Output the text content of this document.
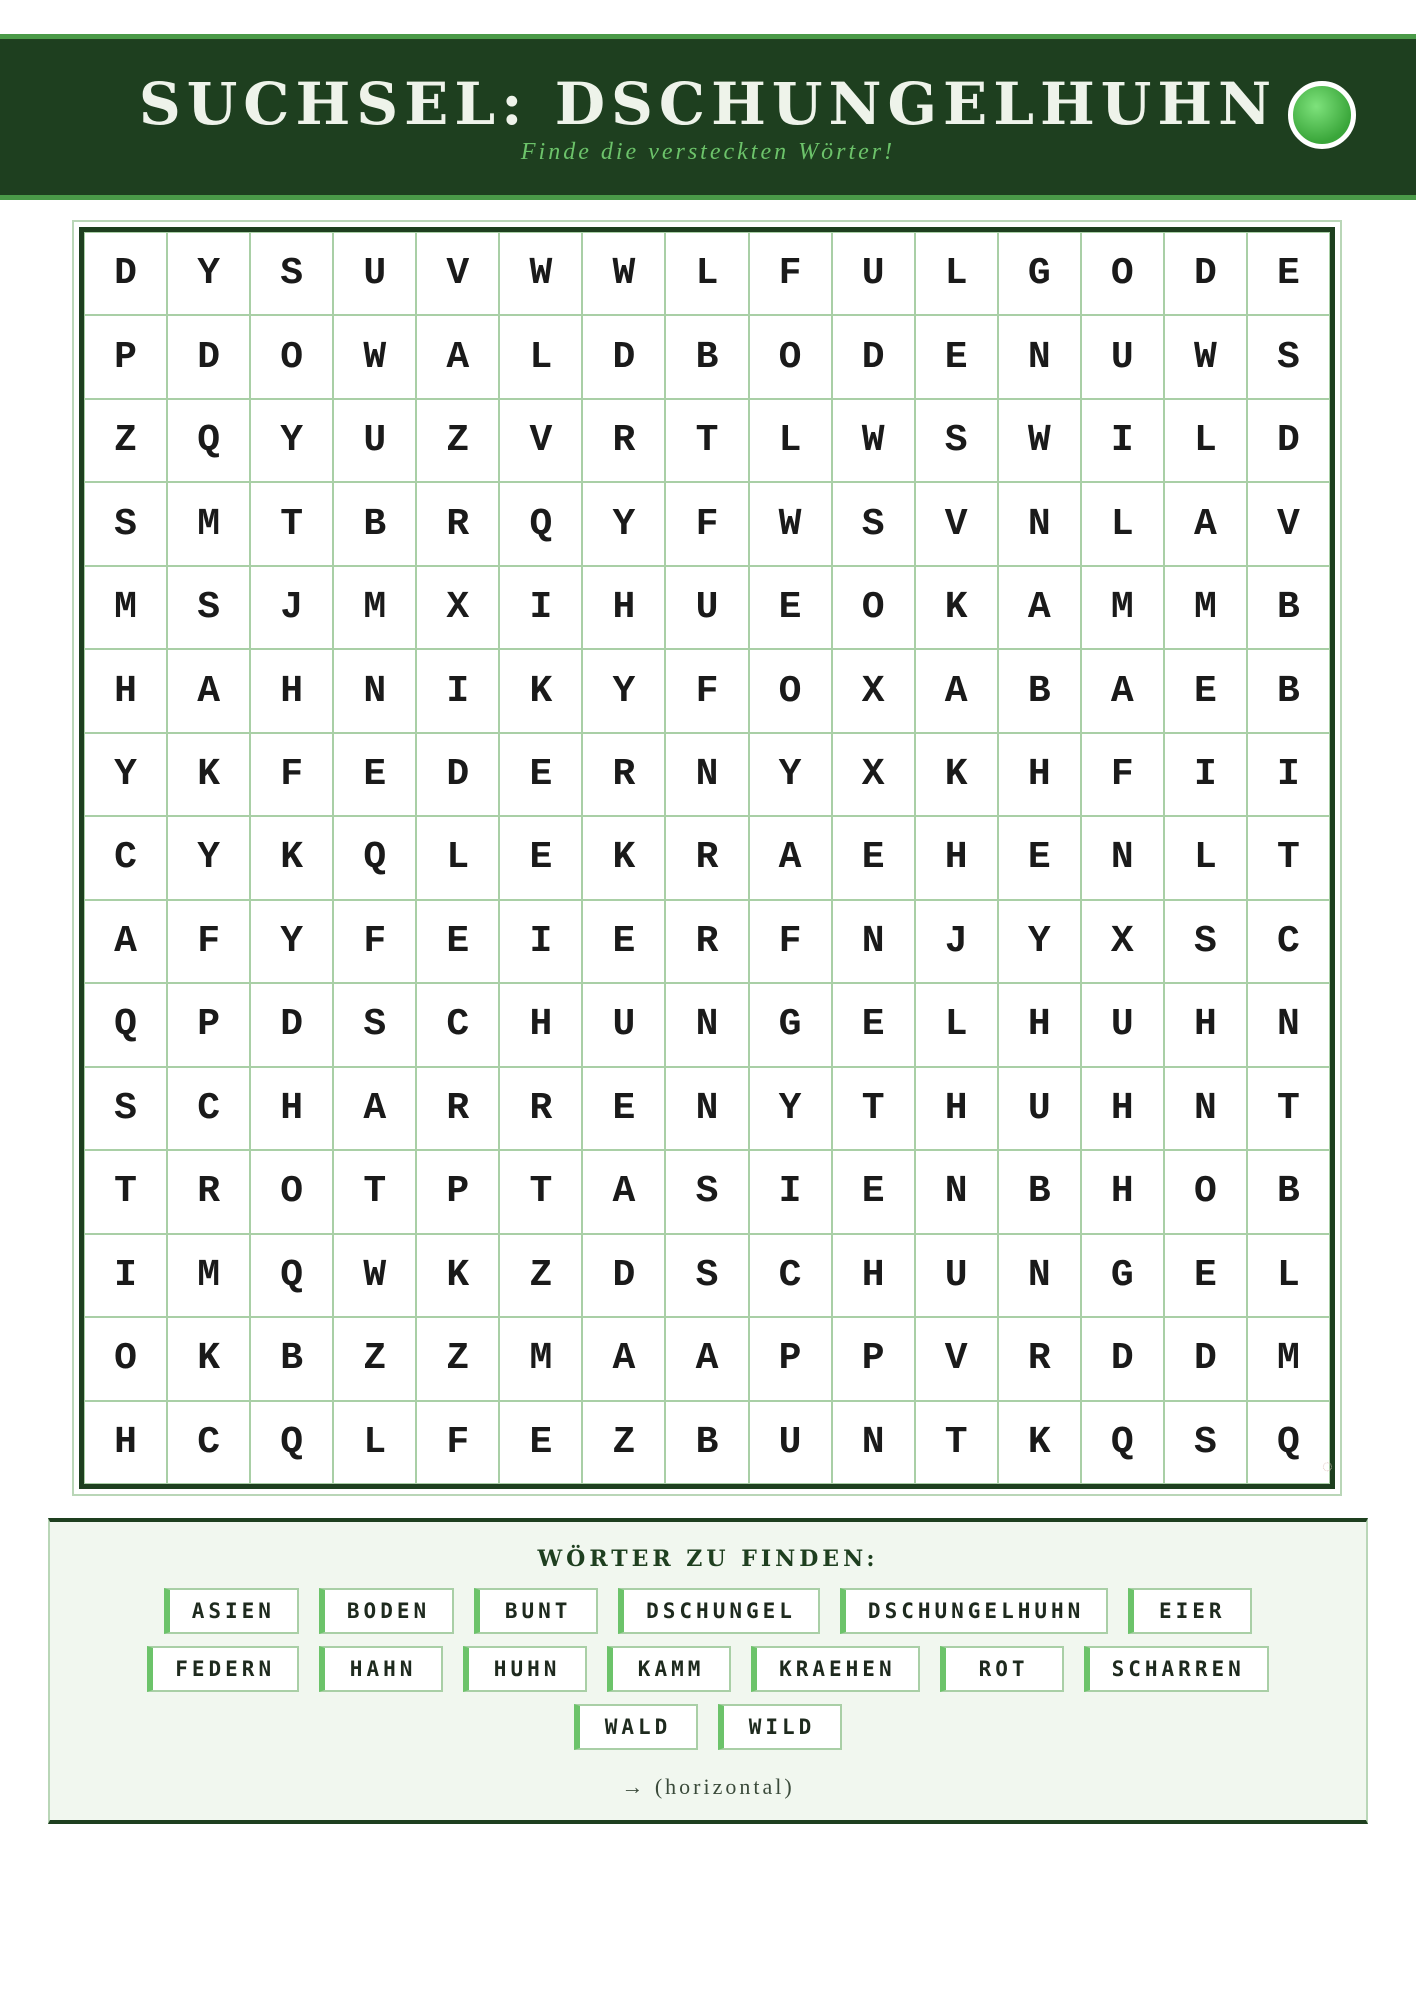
SUCHSEL: DSCHUNGELHUHN
Finde die versteckten Wörter!
D	Y	S	U	V	W	W	L	F	U	L	G	O	D	E
P	D	O	W	A	L	D	B	O	D	E	N	U	W	S
Z	Q	Y	U	Z	V	R	T	L	W	S	W	I	L	D
S	M	T	B	R	Q	Y	F	W	S	V	N	L	A	V
M	S	J	M	X	I	H	U	E	O	K	A	M	M	B
H	A	H	N	I	K	Y	F	O	X	A	B	A	E	B
Y	K	F	E	D	E	R	N	Y	X	K	H	F	I	I
C	Y	K	Q	L	E	K	R	A	E	H	E	N	L	T
A	F	Y	F	E	I	E	R	F	N	J	Y	X	S	C
Q	P	D	S	C	H	U	N	G	E	L	H	U	H	N
S	C	H	A	R	R	E	N	Y	T	H	U	H	N	T
T	R	O	T	P	T	A	S	I	E	N	B	H	O	B
I	M	Q	W	K	Z	D	S	C	H	U	N	G	E	L
O	K	B	Z	Z	M	A	A	P	P	V	R	D	D	M
H	C	Q	L	F	E	Z	B	U	N	T	K	Q	S	Q
WÖRTER ZU FINDEN:
ASIEN	BODEN	BUNT	DSCHUNGEL	DSCHUNGELHUHN	EIER
FEDERN	HAHN	HUHN	KAMM	KRAEHEN	ROT	SCHARREN
WALD	WILD
→ (horizontal)
◌
